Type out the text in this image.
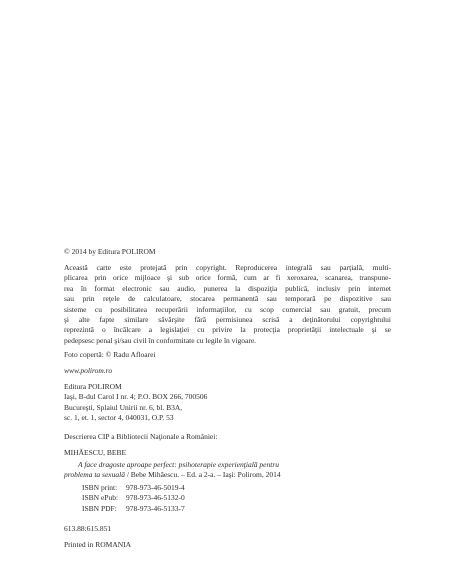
© 2014 by Editura POLIROM
Această carte este protejată prin copyright. Reproducerea integrală sau parţială, multi-
plicarea prin orice mijloace şi sub orice formă, cum ar fi xeroxarea, scanarea, transpune-
rea în format electronic sau audio, punerea la dispoziţia publică, inclusiv prin internet
sau prin reţele de calculatoare, stocarea permanentă sau temporară pe dispozitive sau
sisteme cu posibilitatea recuperării informaţiilor, cu scop comercial sau gratuit, precum
şi alte fapte similare săvârşite fără permisiunea scrisă a deţinătorului copyrightului
reprezintă o încălcare a legislaţiei cu privire la protecţia proprietăţii intelectuale şi se
pedepsesc penal şi/sau civil în conformitate cu legile în vigoare.
Foto copertă: © Radu Afloarei
www.polirom.ro
Editura POLIROM
Iaşi, B-dul Carol I nr. 4; P.O. BOX 266, 700506
Bucureşti, Splaiul Unirii nr. 6, bl. B3A,
sc. 1, et. 1, sector 4, 040031, O.P. 53
Descrierea CIP a Bibliotecii Naţionale a României:
MIHĂESCU, BEBE
A face dragoste aproape perfect: psihoterapie experienţială pentru
problema ta sexuală / Bebe Mihăescu. – Ed. a 2-a. – Iaşi: Polirom, 2014
ISBN print: 978-973-46-5019-4
ISBN ePub: 978-973-46-5132-0
ISBN PDF: 978-973-46-5133-7
613.88:615.851
Printed in ROMANIA
